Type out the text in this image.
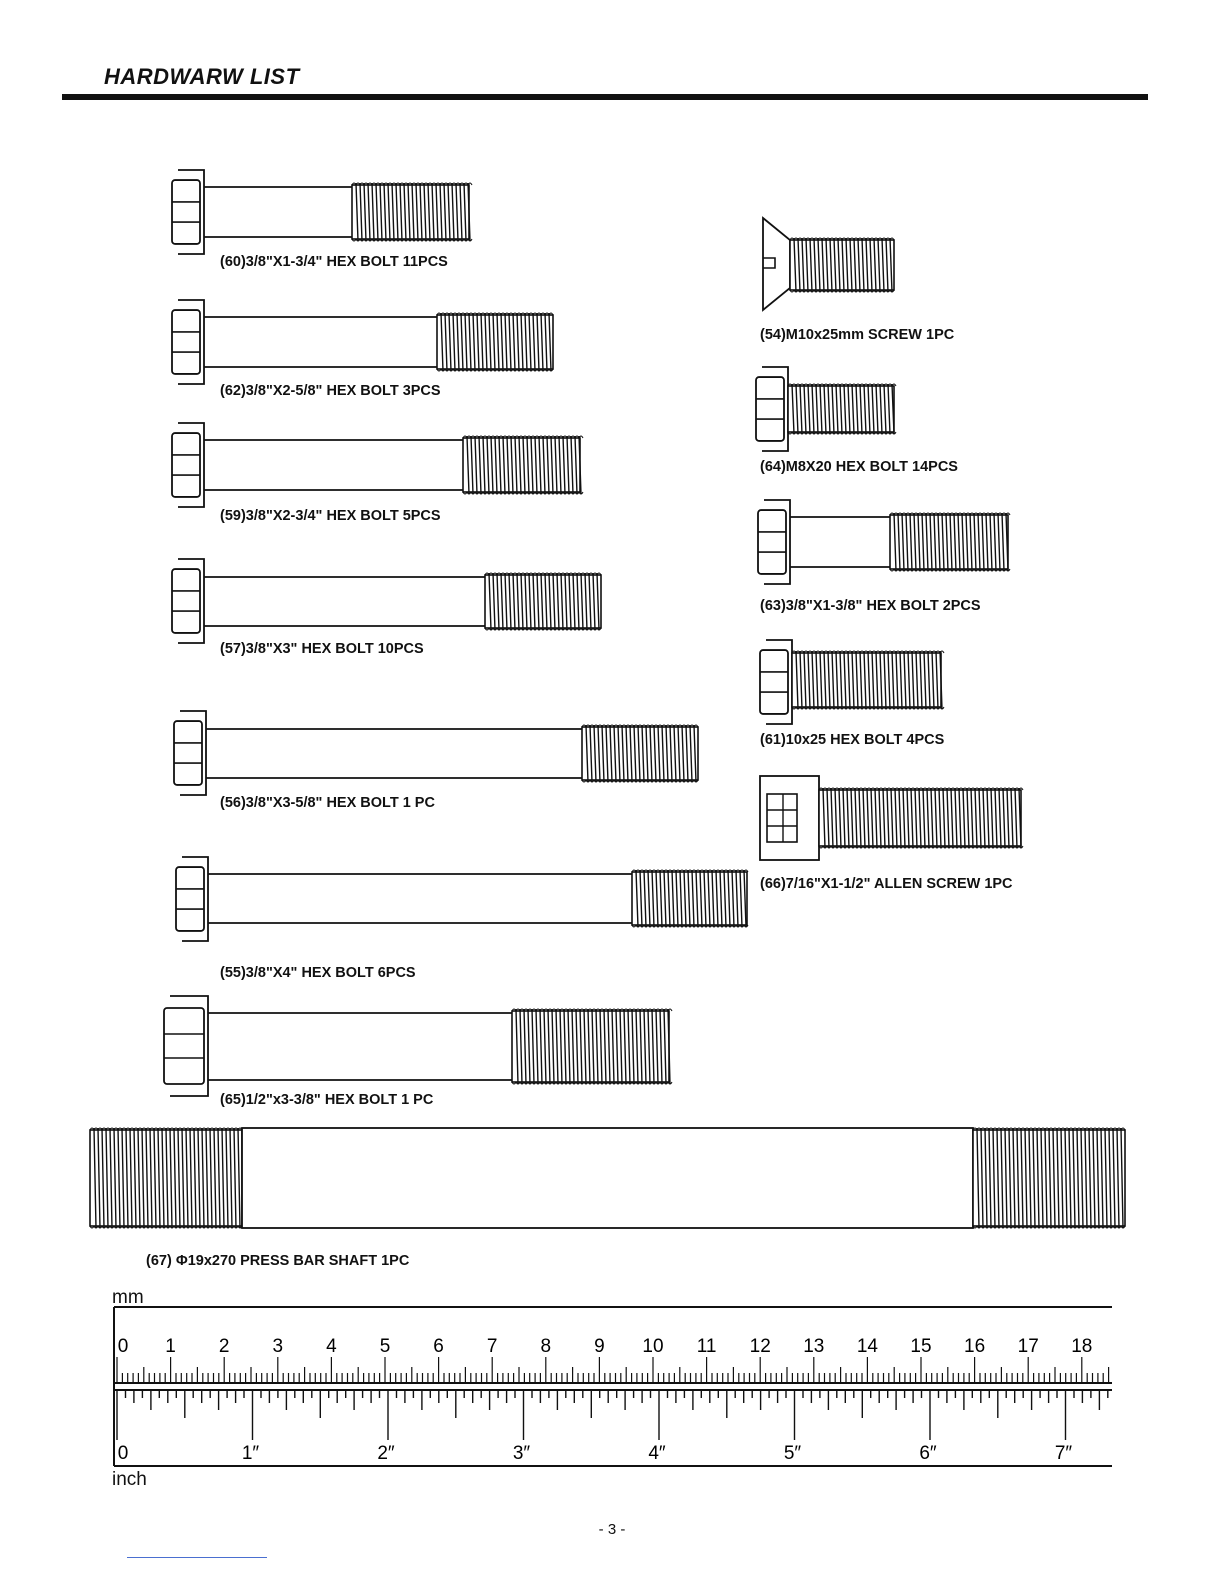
HARDWARW LIST
0 1 2 3 4 5 6 7 8 9 10 11 12 13 14 15 16 17 18
0	1″	2″	3″	4″	5″	6″	7″
(60)3/8"X1-3/4" HEX BOLT 11PCS
(62)3/8"X2-5/8" HEX BOLT 3PCS
(59)3/8"X2-3/4" HEX BOLT 5PCS
(57)3/8"X3" HEX BOLT 10PCS
(56)3/8"X3-5/8" HEX BOLT 1 PC
(55)3/8"X4" HEX BOLT 6PCS
(65)1/2"x3-3/8" HEX BOLT 1 PC
(54)M10x25mm SCREW 1PC
(64)M8X20 HEX BOLT 14PCS
(63)3/8"X1-3/8" HEX BOLT 2PCS
(61)10x25 HEX BOLT 4PCS
(66)7/16"X1-1/2" ALLEN SCREW 1PC
(67) Φ19x270 PRESS BAR SHAFT 1PC
mm
inch
- 3 -
